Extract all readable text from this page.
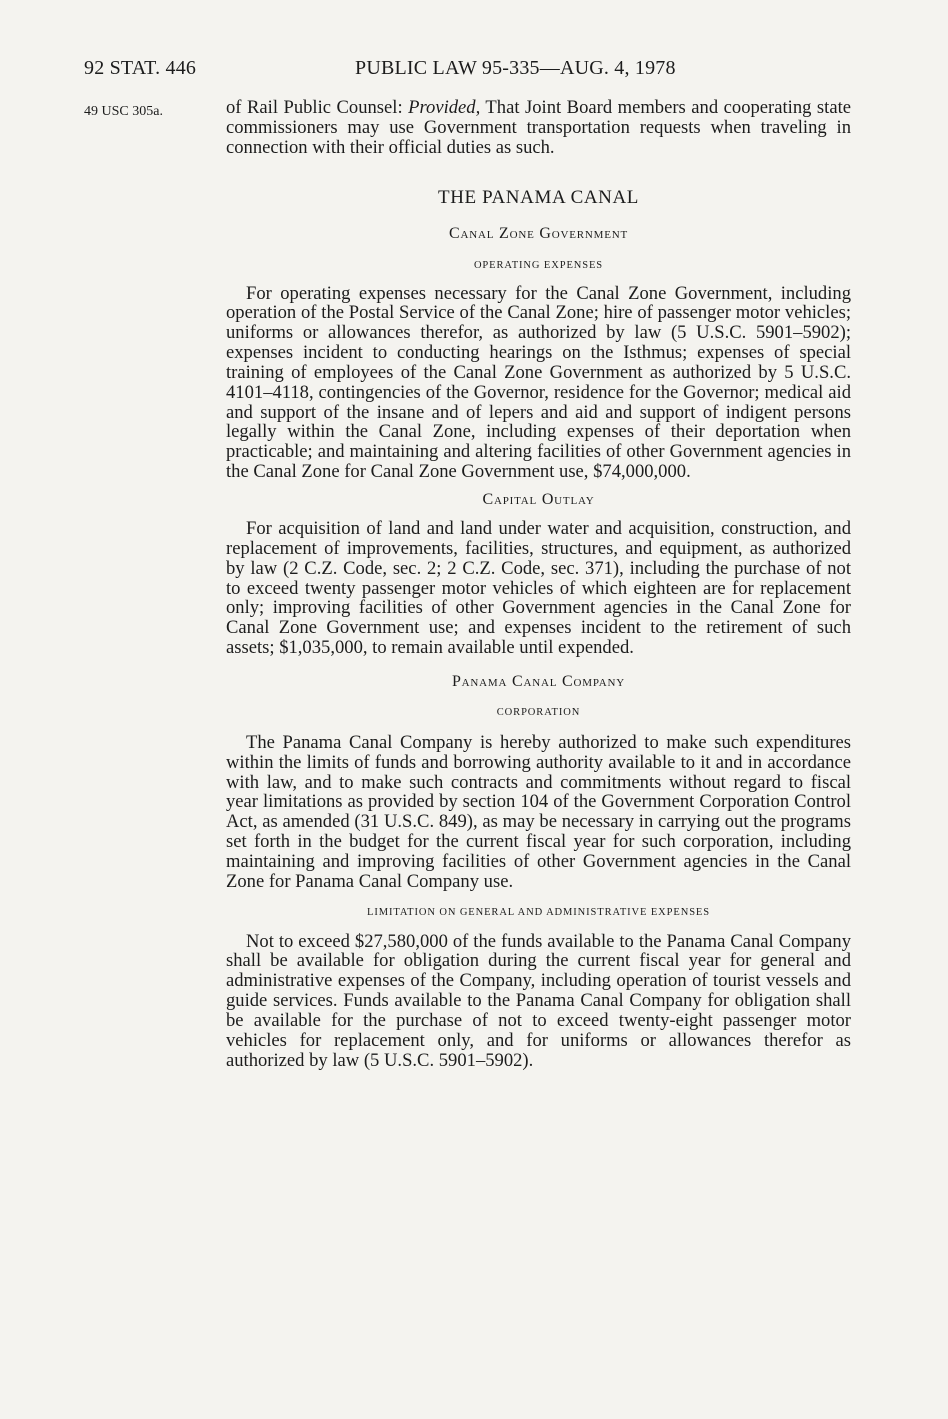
92 STAT. 446	PUBLIC LAW 95-335—AUG. 4, 1978
49 USC 305a.	of Rail Public Counsel: Provided, That Joint Board members and cooperating state commissioners may use Government transportation requests when traveling in connection with their official duties as such.

THE PANAMA CANAL
Canal Zone Government
OPERATING EXPENSES

For operating expenses necessary for the Canal Zone Government, including operation of the Postal Service of the Canal Zone; hire of passenger motor vehicles; uniforms or allowances therefor, as authorized by law (5 U.S.C. 5901–5902); expenses incident to conducting hearings on the Isthmus; expenses of special training of employees of the Canal Zone Government as authorized by 5 U.S.C. 4101–4118, contingencies of the Governor, residence for the Governor; medical aid and support of the insane and of lepers and aid and support of indigent persons legally within the Canal Zone, including expenses of their deportation when practicable; and maintaining and altering facilities of other Government agencies in the Canal Zone for Canal Zone Government use, $74,000,000.

Capital Outlay

For acquisition of land and land under water and acquisition, construction, and replacement of improvements, facilities, structures, and equipment, as authorized by law (2 C.Z. Code, sec. 2; 2 C.Z. Code, sec. 371), including the purchase of not to exceed twenty passenger motor vehicles of which eighteen are for replacement only; improving facilities of other Government agencies in the Canal Zone for Canal Zone Government use; and expenses incident to the retirement of such assets; $1,035,000, to remain available until expended.

Panama Canal Company
CORPORATION

The Panama Canal Company is hereby authorized to make such expenditures within the limits of funds and borrowing authority available to it and in accordance with law, and to make such contracts and commitments without regard to fiscal year limitations as provided by section 104 of the Government Corporation Control Act, as amended (31 U.S.C. 849), as may be necessary in carrying out the programs set forth in the budget for the current fiscal year for such corporation, including maintaining and improving facilities of other Government agencies in the Canal Zone for Panama Canal Company use.

LIMITATION ON GENERAL AND ADMINISTRATIVE EXPENSES

Not to exceed $27,580,000 of the funds available to the Panama Canal Company shall be available for obligation during the current fiscal year for general and administrative expenses of the Company, including operation of tourist vessels and guide services. Funds available to the Panama Canal Company for obligation shall be available for the purchase of not to exceed twenty-eight passenger motor vehicles for replacement only, and for uniforms or allowances therefor as authorized by law (5 U.S.C. 5901–5902).
